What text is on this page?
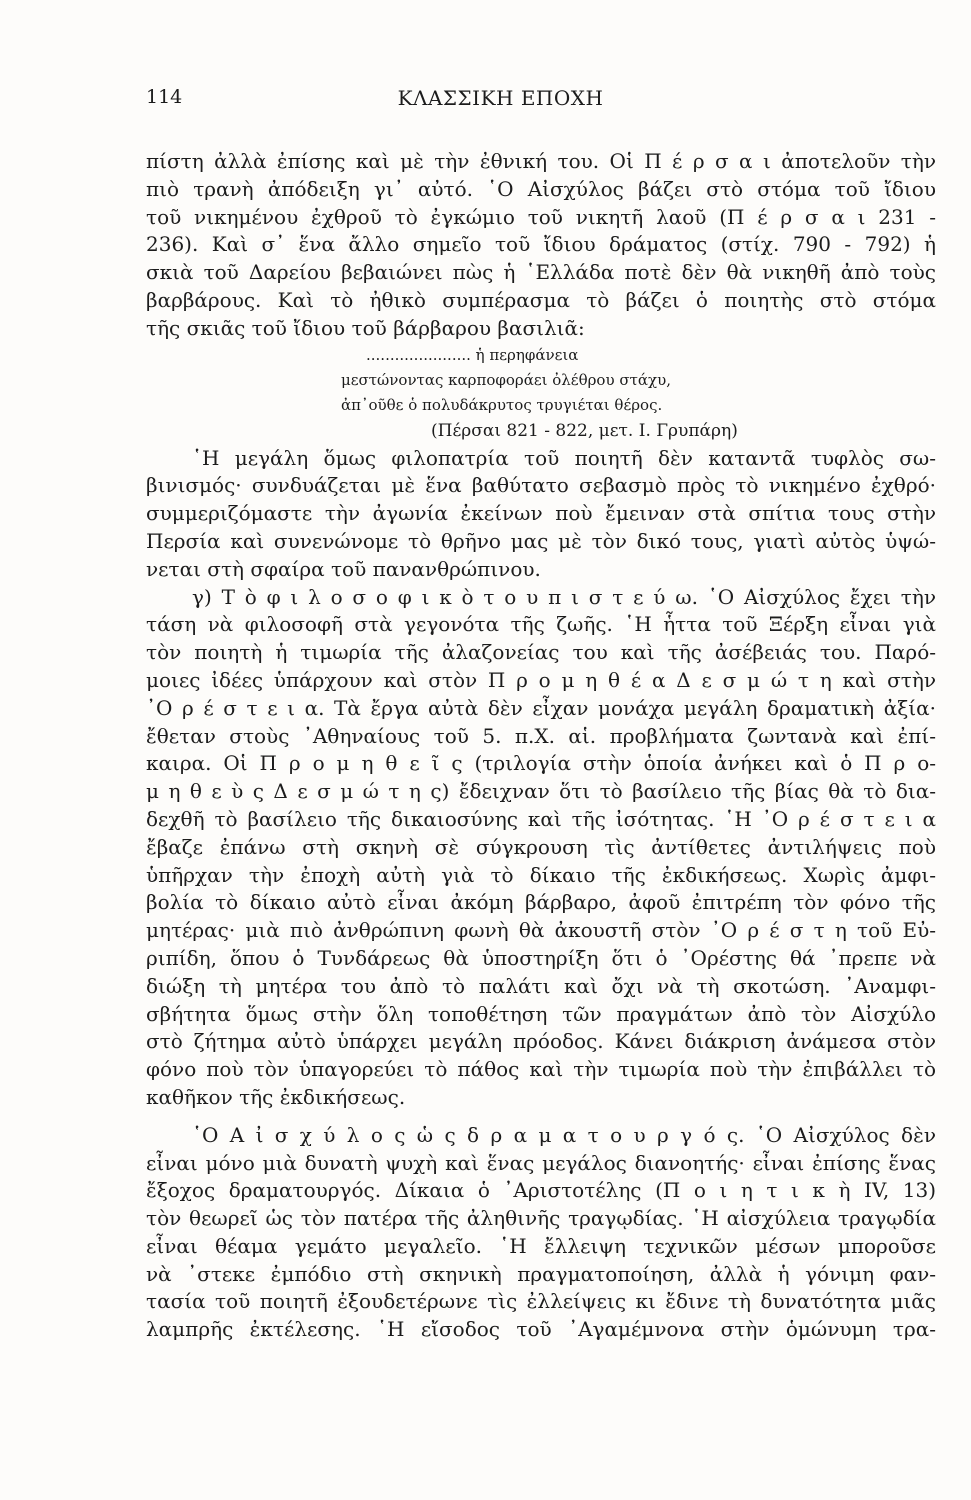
114	ΚΛΑΣΣΙΚΗ ΕΠΟΧΗ
πίστη ἀλλὰ ἐπίσης καὶ μὲ τὴν ἐθνική του. Οἱ Π έ ρ σ α ι ἀποτελοῦν τὴν
πιὸ τρανὴ ἀπόδειξη γι᾽ αὐτό. ῾Ο Αἰσχύλος βάζει στὸ στόμα τοῦ ἴδιου
τοῦ νικημένου ἐχθροῦ τὸ ἐγκώμιο τοῦ νικητῆ λαοῦ (Π έ ρ σ α ι 231 -
236). Καὶ σ᾽ ἕνα ἄλλο σημεῖο τοῦ ἴδιου δράματος (στίχ. 790 - 792) ἡ
σκιὰ τοῦ Δαρείου βεβαιώνει πὼς ἡ ῾Ελλάδα ποτὲ δὲν θὰ νικηθῆ ἀπὸ τοὺς
βαρβάρους. Καὶ τὸ ἠθικὸ συμπέρασμα τὸ βάζει ὁ ποιητὴς στὸ στόμα
τῆς σκιᾶς τοῦ ἴδιου τοῦ βάρβαρου βασιλιᾶ:
...................... ἡ περηφάνεια
μεστώνοντας καρποφοράει ὀλέθρου στάχυ,
ἀπ᾽οῦθε ὁ πολυδάκρυτος τρυγιέται θέρος.
(Πέρσαι 821 - 822, μετ. Ι. Γρυπάρη)
῾Η μεγάλη ὅμως φιλοπατρία τοῦ ποιητῆ δὲν καταντᾶ τυφλὸς σω-
βινισμός· συνδυάζεται μὲ ἕνα βαθύτατο σεβασμὸ πρὸς τὸ νικημένο ἐχθρό·
συμμεριζόμαστε τὴν ἀγωνία ἐκείνων ποὺ ἔμειναν στὰ σπίτια τους στὴν
Περσία καὶ συνενώνομε τὸ θρῆνο μας μὲ τὸν δικό τους, γιατὶ αὐτὸς ὑψώ-
νεται στὴ σφαίρα τοῦ πανανθρώπινου.
γ) Τ ὸ φ ι λ ο σ ο φ ι κ ὸ τ ο υ π ι σ τ ε ύ ω. ῾Ο Αἰσχύλος ἔχει τὴν
τάση νὰ φιλοσοφῆ στὰ γεγονότα τῆς ζωῆς. ῾Η ἧττα τοῦ Ξέρξη εἶναι γιὰ
τὸν ποιητὴ ἡ τιμωρία τῆς ἀλαζονείας του καὶ τῆς ἀσέβειάς του. Παρό-
μοιες ἰδέες ὑπάρχουν καὶ στὸν Π ρ ο μ η θ έ α Δ ε σ μ ώ τ η καὶ στὴν
᾽Ο ρ έ σ τ ε ι α. Τὰ ἔργα αὐτὰ δὲν εἶχαν μονάχα μεγάλη δραματικὴ ἀξία·
ἔθεταν στοὺς ᾽Αθηναίους τοῦ 5. π.Χ. αἱ. προβλήματα ζωντανὰ καὶ ἐπί-
καιρα. Οἱ Π ρ ο μ η θ ε ῖ ς (τριλογία στὴν ὁποία ἀνήκει καὶ ὁ Π ρ ο-
μ η θ ε ὺ ς Δ ε σ μ ώ τ η ς) ἔδειχναν ὅτι τὸ βασίλειο τῆς βίας θὰ τὸ δια-
δεχθῆ τὸ βασίλειο τῆς δικαιοσύνης καὶ τῆς ἰσότητας. ῾Η ᾽Ο ρ έ σ τ ε ι α
ἔβαζε ἐπάνω στὴ σκηνὴ σὲ σύγκρουση τὶς ἀντίθετες ἀντιλήψεις ποὺ
ὑπῆρχαν τὴν ἐποχὴ αὐτὴ γιὰ τὸ δίκαιο τῆς ἐκδικήσεως. Χωρὶς ἀμφι-
βολία τὸ δίκαιο αὐτὸ εἶναι ἀκόμη βάρβαρο, ἀφοῦ ἐπιτρέπη τὸν φόνο τῆς
μητέρας· μιὰ πιὸ ἀνθρώπινη φωνὴ θὰ ἀκουστῆ στὸν ᾽Ο ρ έ σ τ η τοῦ Εὐ-
ριπίδη, ὅπου ὁ Τυνδάρεως θὰ ὑποστηρίξη ὅτι ὁ ᾽Ορέστης θά ᾽πρεπε νὰ
διώξη τὴ μητέρα του ἀπὸ τὸ παλάτι καὶ ὄχι νὰ τὴ σκοτώση. ᾽Αναμφι-
σβήτητα ὅμως στὴν ὅλη τοποθέτηση τῶν πραγμάτων ἀπὸ τὸν Αἰσχύλο
στὸ ζήτημα αὐτὸ ὑπάρχει μεγάλη πρόοδος. Κάνει διάκριση ἀνάμεσα στὸν
φόνο ποὺ τὸν ὑπαγορεύει τὸ πάθος καὶ τὴν τιμωρία ποὺ τὴν ἐπιβάλλει τὸ
καθῆκον τῆς ἐκδικήσεως.
῾Ο Α ἰ σ χ ύ λ ο ς ὡ ς δ ρ α μ α τ ο υ ρ γ ό ς. ῾Ο Αἰσχύλος δὲν
εἶναι μόνο μιὰ δυνατὴ ψυχὴ καὶ ἕνας μεγάλος διανοητής· εἶναι ἐπίσης ἕνας
ἔξοχος δραματουργός. Δίκαια ὁ ᾽Αριστοτέλης (Π ο ι η τ ι κ ὴ IV, 13)
τὸν θεωρεῖ ὡς τὸν πατέρα τῆς ἀληθινῆς τραγῳδίας. ῾Η αἰσχύλεια τραγῳδία
εἶναι θέαμα γεμάτο μεγαλεῖο. ῾Η ἔλλειψη τεχνικῶν μέσων μποροῦσε
νὰ ᾽στεκε ἐμπόδιο στὴ σκηνικὴ πραγματοποίηση, ἀλλὰ ἡ γόνιμη φαν-
τασία τοῦ ποιητῆ ἐξουδετέρωνε τὶς ἐλλείψεις κι ἔδινε τὴ δυνατότητα μιᾶς
λαμπρῆς ἐκτέλεσης. ῾Η εἴσοδος τοῦ ᾽Αγαμέμνονα στὴν ὁμώνυμη τρα-
